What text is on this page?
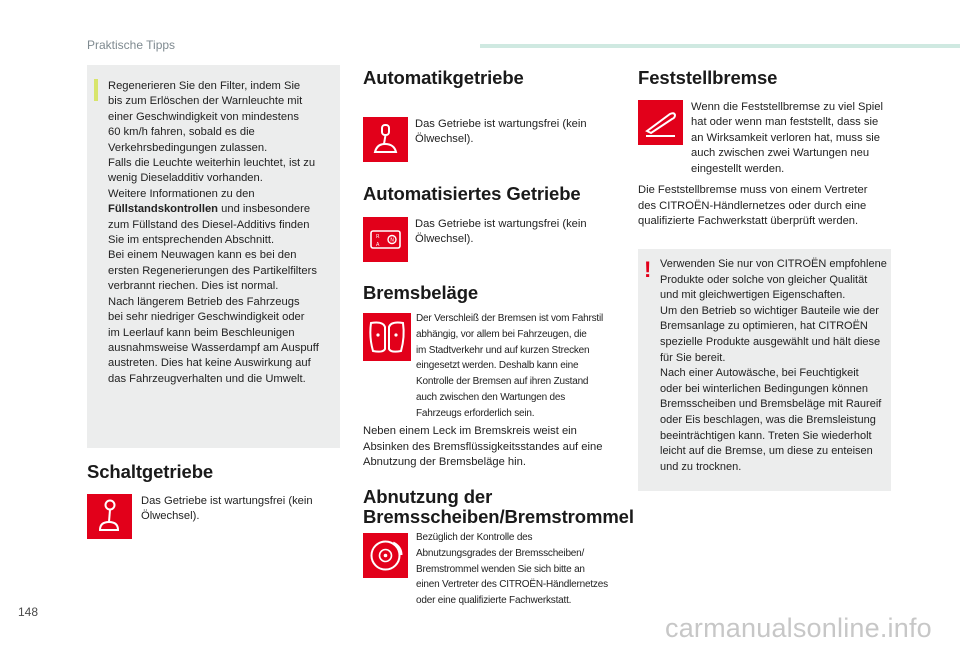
Praktische Tipps

Regenerieren Sie den Filter, indem Sie

bis zum Erlöschen der Warnleuchte mit

einer Geschwindigkeit von mindestens

60 km/h fahren, sobald es die

Verkehrsbedingungen zulassen.

Falls die Leuchte weiterhin leuchtet, ist zu

wenig Dieseladditiv vorhanden.

Weitere Informationen zu den

Füllstandskontrollen und insbesondere

zum Füllstand des Diesel-Additivs finden

Sie im entsprechenden Abschnitt.

Bei einem Neuwagen kann es bei den

ersten Regenerierungen des Partikelfilters

verbrannt riechen. Dies ist normal.

Nach längerem Betrieb des Fahrzeugs

bei sehr niedriger Geschwindigkeit oder

im Leerlauf kann beim Beschleunigen

ausnahmsweise Wasserdampf am Auspuff

austreten. Dies hat keine Auswirkung auf

das Fahrzeugverhalten und die Umwelt.

Schaltgetriebe
Das Getriebe ist wartungsfrei (kein
Ölwechsel).
Automatikgetriebe
Das Getriebe ist wartungsfrei (kein
Ölwechsel).
Automatisiertes Getriebe
R
A
N
Das Getriebe ist wartungsfrei (kein
Ölwechsel).
Bremsbeläge
Der Verschleiß der Bremsen ist vom Fahrstil
abhängig, vor allem bei Fahrzeugen, die
im Stadtverkehr und auf kurzen Strecken
eingesetzt werden. Deshalb kann eine
Kontrolle der Bremsen auf ihren Zustand
auch zwischen den Wartungen des
Fahrzeugs erforderlich sein.
Neben einem Leck im Bremskreis weist ein
Absinken des Bremsflüssigkeitsstandes auf eine
Abnutzung der Bremsbeläge hin.
Abnutzung der
Bremsscheiben/Bremstrommel
Bezüglich der Kontrolle des
Abnutzungsgrades der Bremsscheiben/
Bremstrommel wenden Sie sich bitte an
einen Vertreter des CITROËN-Händlernetzes
oder eine qualifizierte Fachwerkstatt.
Feststellbremse
Wenn die Feststellbremse zu viel Spiel
hat oder wenn man feststellt, dass sie
an Wirksamkeit verloren hat, muss sie
auch zwischen zwei Wartungen neu
eingestellt werden.
Die Feststellbremse muss von einem Vertreter
des CITROËN-Händlernetzes oder durch eine
qualifizierte Fachwerkstatt überprüft werden.
! Verwenden Sie nur von CITROËN empfohlene

Produkte oder solche von gleicher Qualität

und mit gleichwertigen Eigenschaften.

Um den Betrieb so wichtiger Bauteile wie der

Bremsanlage zu optimieren, hat CITROËN

spezielle Produkte ausgewählt und hält diese

für Sie bereit.

Nach einer Autowäsche, bei Feuchtigkeit

oder bei winterlichen Bedingungen können

Bremsscheiben und Bremsbeläge mit Raureif

oder Eis beschlagen, was die Bremsleistung

beeinträchtigen kann. Treten Sie wiederholt

leicht auf die Bremse, um diese zu enteisen

und zu trocknen.

148
carmanualsonline.info
